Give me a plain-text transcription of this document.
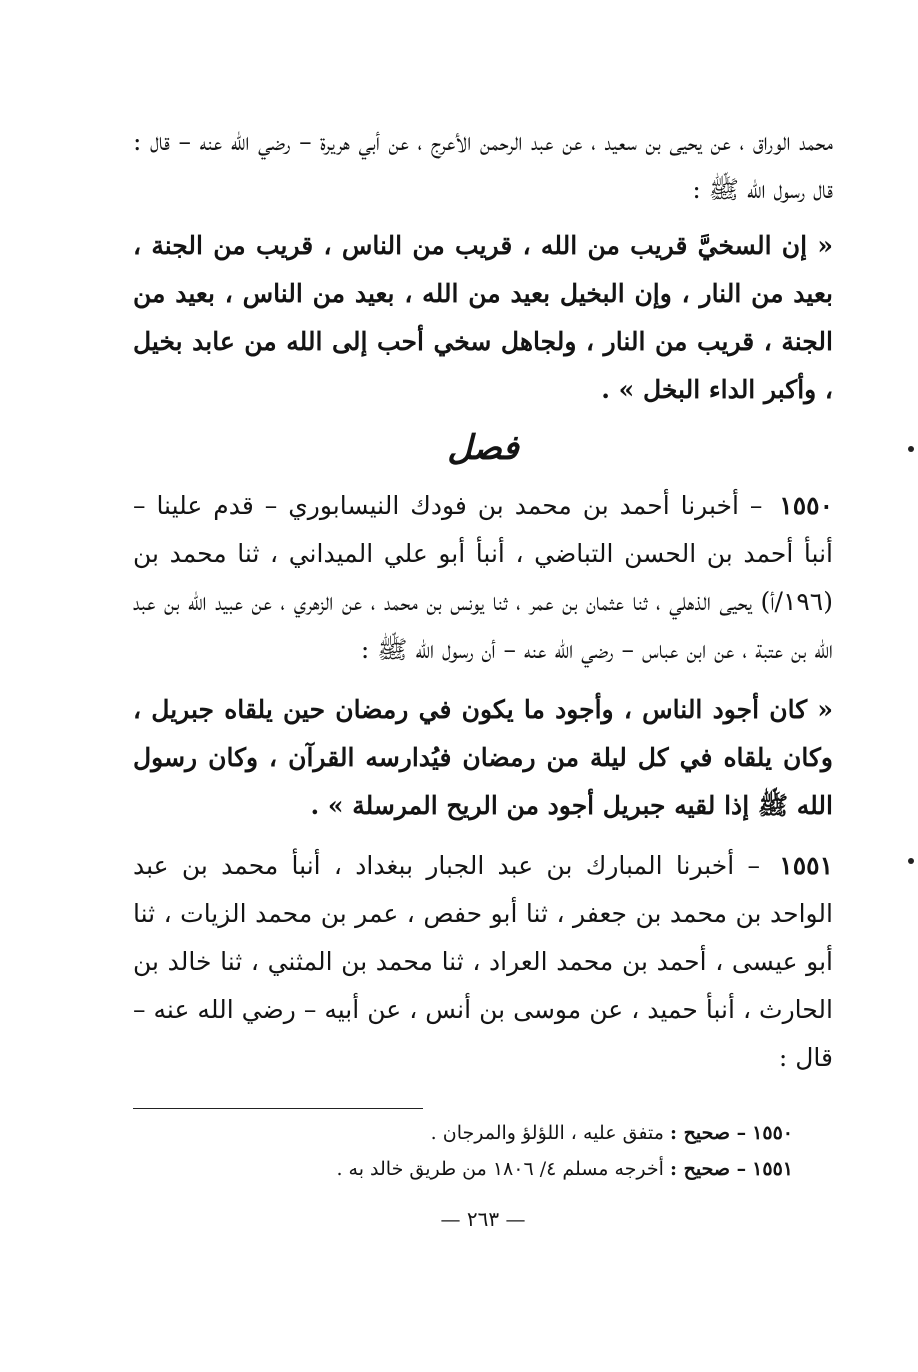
محمد الوراق ، عن يحيى بن سعيد ، عن عبد الرحمن الأعرج ، عن أبي هريرة – رضي الله عنه – قال : قال رسول الله ﷺ :

« إن السخيَّ قريب من الله ، قريب من الناس ، قريب من الجنة ، بعيد من النار ، وإن البخيل بعيد من الله ، بعيد من الناس ، بعيد من الجنة ، قريب من النار ، ولجاهل سخي أحب إلى الله من عابد بخيل ، وأكبر الداء البخل » .

فصل

١٥٥٠ – أخبرنا أحمد بن محمد بن فودك النيسابوري – قدم علينا – أنبأ أحمد بن الحسن التباضي ، أنبأ أبو علي الميداني ، ثنا محمد بن (١٩٦/أ) يحيى الذهلي ، ثنا عثمان بن عمر ، ثنا يونس بن محمد ، عن الزهري ، عن عبيد الله بن عبد الله بن عتبة ، عن ابن عباس – رضي الله عنه – أن رسول الله ﷺ :

« كان أجود الناس ، وأجود ما يكون في رمضان حين يلقاه جبريل ، وكان يلقاه في كل ليلة من رمضان فيُدارسه القرآن ، وكان رسول الله ﷺ إذا لقيه جبريل أجود من الريح المرسلة » .

١٥٥١ – أخبرنا المبارك بن عبد الجبار ببغداد ، أنبأ محمد بن عبد الواحد بن محمد بن جعفر ، ثنا أبو حفص ، عمر بن محمد الزيات ، ثنا أبو عيسى ، أحمد بن محمد العراد ، ثنا محمد بن المثني ، ثنا خالد بن الحارث ، أنبأ حميد ، عن موسى بن أنس ، عن أبيه – رضي الله عنه – قال :

١٥٥٠ – صحيح : متفق عليه ، اللؤلؤ والمرجان .

١٥٥١ – صحيح : أخرجه مسلم ٤/ ١٨٠٦ من طريق خالد به .

— ٢٦٣ —
